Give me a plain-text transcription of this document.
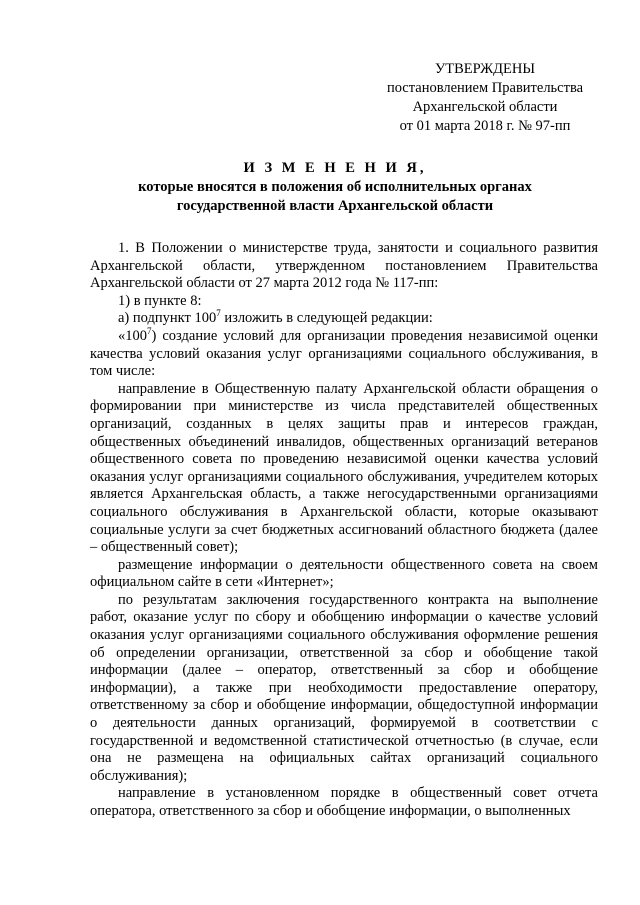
УТВЕРЖДЕНЫ
постановлением Правительства
Архангельской области
от 01 марта 2018 г. № 97-пп
И З М Е Н Е Н И Я,
которые вносятся в положения об исполнительных органах
государственной власти Архангельской области

1. В Положении о министерстве труда, занятости и социального развития Архангельской области, утвержденном постановлением Правительства Архангельской области от 27 марта 2012 года № 117-пп:

1) в пункте 8:

а) подпункт $100^7$ изложить в следующей редакции:

«$100^7$) создание условий для организации проведения независимой оценки качества условий оказания услуг организациями социального обслуживания, в том числе:

направление в Общественную палату Архангельской области обращения о формировании при министерстве из числа представителей общественных организаций, созданных в целях защиты прав и интересов граждан, общественных объединений инвалидов, общественных организаций ветеранов общественного совета по проведению независимой оценки качества условий оказания услуг организациями социального обслуживания, учредителем которых является Архангельская область, а также негосударственными организациями социального обслуживания в Архангельской области, которые оказывают социальные услуги за счет бюджетных ассигнований областного бюджета (далее – общественный совет);

размещение информации о деятельности общественного совета на своем официальном сайте в сети «Интернет»;

по результатам заключения государственного контракта на выполнение работ, оказание услуг по сбору и обобщению информации о качестве условий оказания услуг организациями социального обслуживания оформление решения об определении организации, ответственной за сбор и обобщение такой информации (далее – оператор, ответственный за сбор и обобщение информации), а также при необходимости предоставление оператору, ответственному за сбор и обобщение информации, общедоступной информации о деятельности данных организаций, формируемой в соответствии с государственной и ведомственной статистической отчетностью (в случае, если она не размещена на официальных сайтах организаций социального обслуживания);

направление в установленном порядке в общественный совет отчета оператора, ответственного за сбор и обобщение информации, о выполненных
